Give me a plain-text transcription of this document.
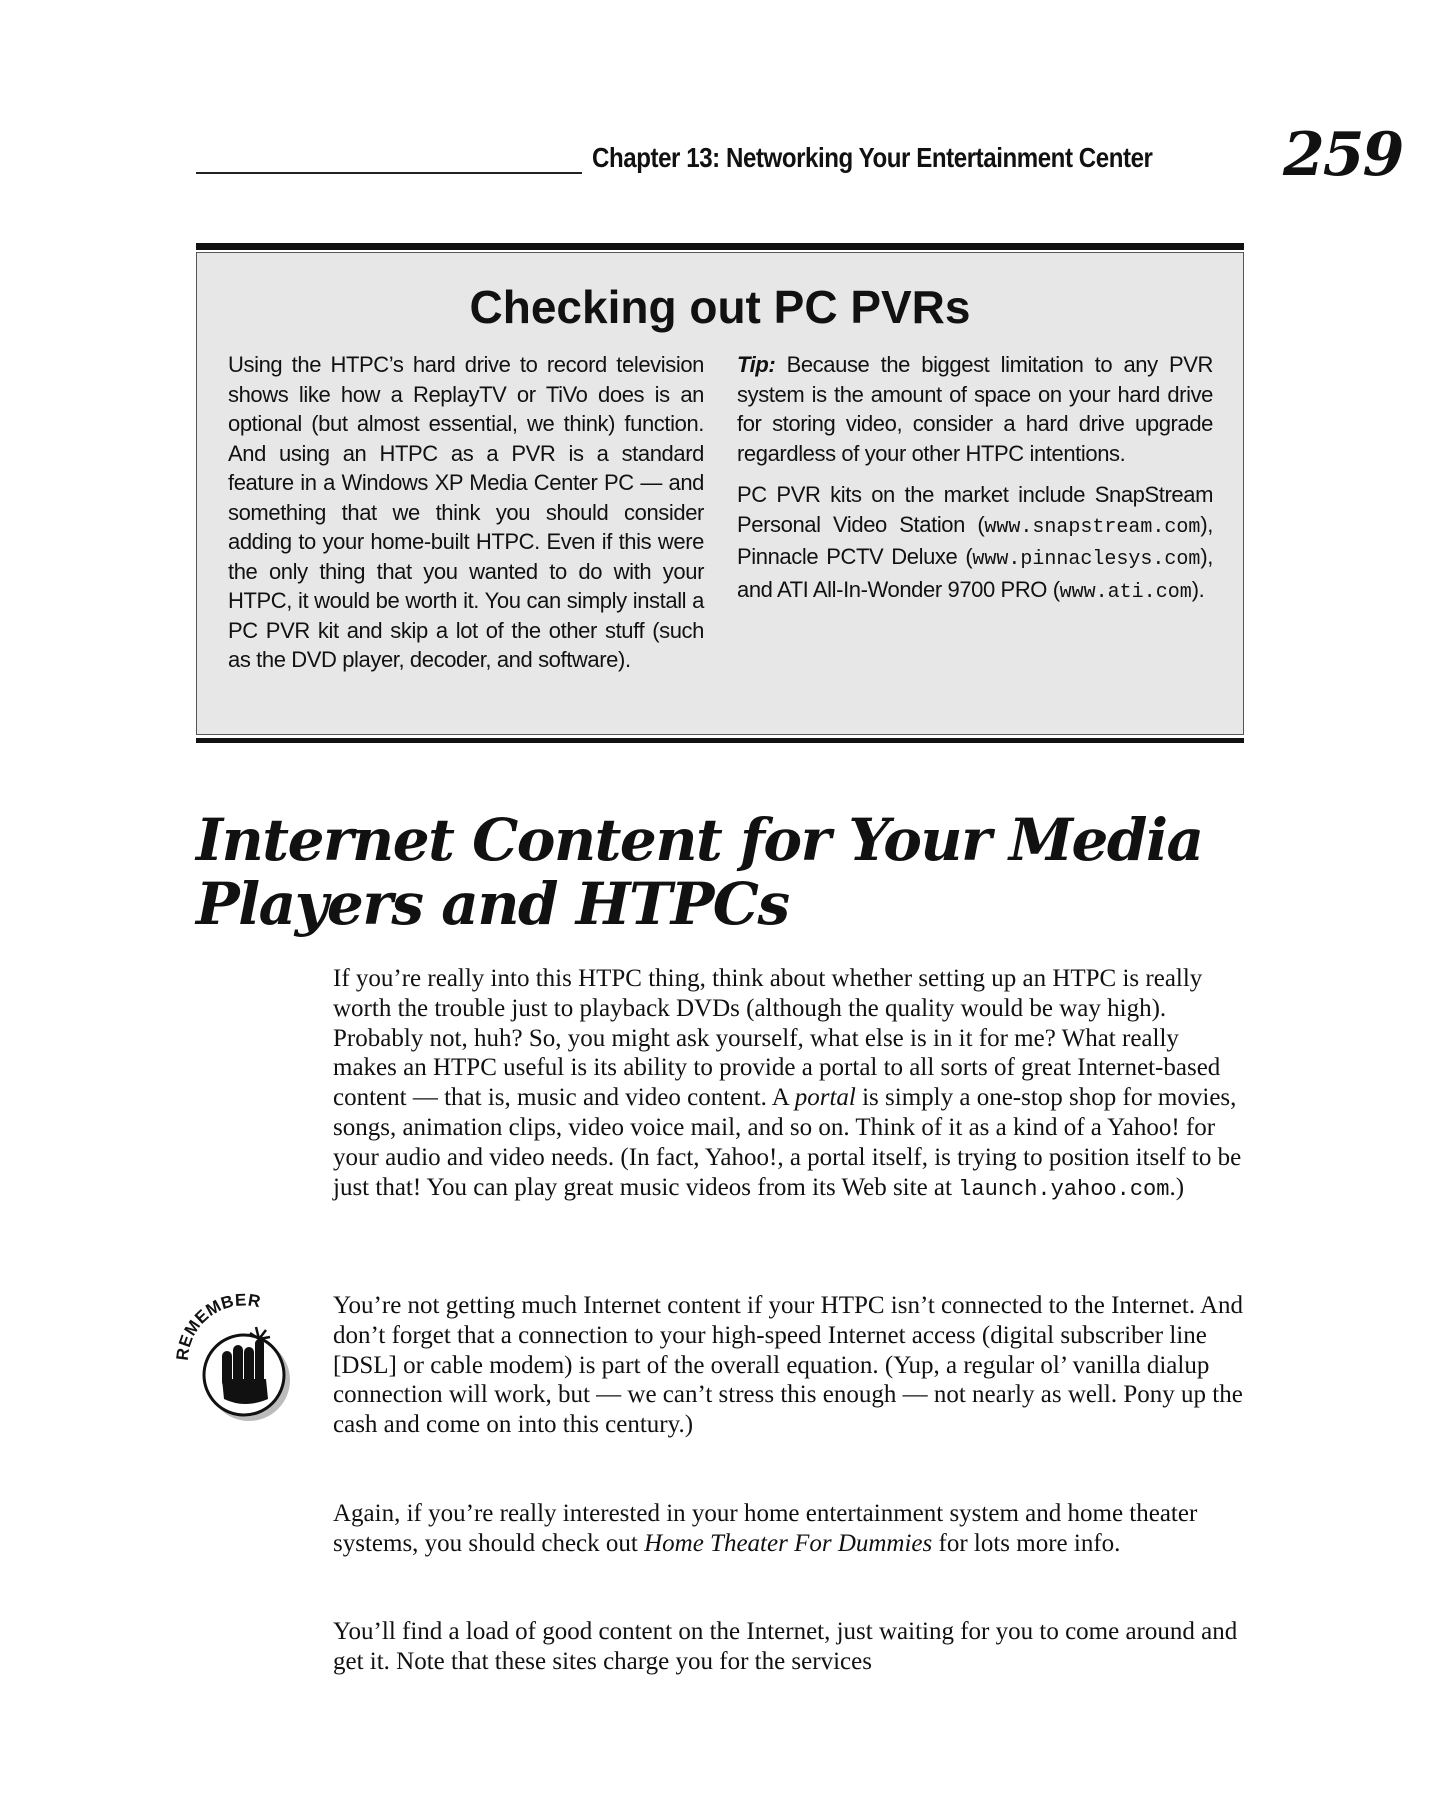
Chapter 13: Networking Your Entertainment Center 259
Checking out PC PVRs
Using the HTPC’s hard drive to record television shows like how a ReplayTV or TiVo does is an optional (but almost essential, we think) function. And using an HTPC as a PVR is a standard feature in a Windows XP Media Center PC — and something that we think you should consider adding to your home-built HTPC. Even if this were the only thing that you wanted to do with your HTPC, it would be worth it. You can simply install a PC PVR kit and skip a lot of the other stuff (such as the DVD player, decoder, and software).

Tip: Because the biggest limitation to any PVR system is the amount of space on your hard drive for storing video, consider a hard drive upgrade regardless of your other HTPC intentions.

PC PVR kits on the market include SnapStream Personal Video Station (www.snapstream.com), Pinnacle PCTV Deluxe (www.pinnaclesys.com), and ATI All-In-Wonder 9700 PRO (www.ati.com).

Internet Content for Your Media
Players and HTPCs

If you’re really into this HTPC thing, think about whether setting up an HTPC is really worth the trouble just to playback DVDs (although the quality would be way high). Probably not, huh? So, you might ask yourself, what else is in it for me? What really makes an HTPC useful is its ability to provide a portal to all sorts of great Internet-based content — that is, music and video content. A portal is simply a one-stop shop for movies, songs, animation clips, video voice mail, and so on. Think of it as a kind of a Yahoo! for your audio and video needs. (In fact, Yahoo!, a portal itself, is trying to position itself to be just that! You can play great music videos from its Web site at launch.yahoo.com.)

REMEMBER	You’re not getting much Internet content if your HTPC isn’t connected to the Internet. And don’t forget that a connection to your high-speed Internet access (digital subscriber line [DSL] or cable modem) is part of the overall equation. (Yup, a regular ol’ vanilla dialup connection will work, but — we can’t stress this enough — not nearly as well. Pony up the cash and come on into this century.)

Again, if you’re really interested in your home entertainment system and home theater systems, you should check out Home Theater For Dummies for lots more info.

You’ll find a load of good content on the Internet, just waiting for you to come around and get it. Note that these sites charge you for the services
